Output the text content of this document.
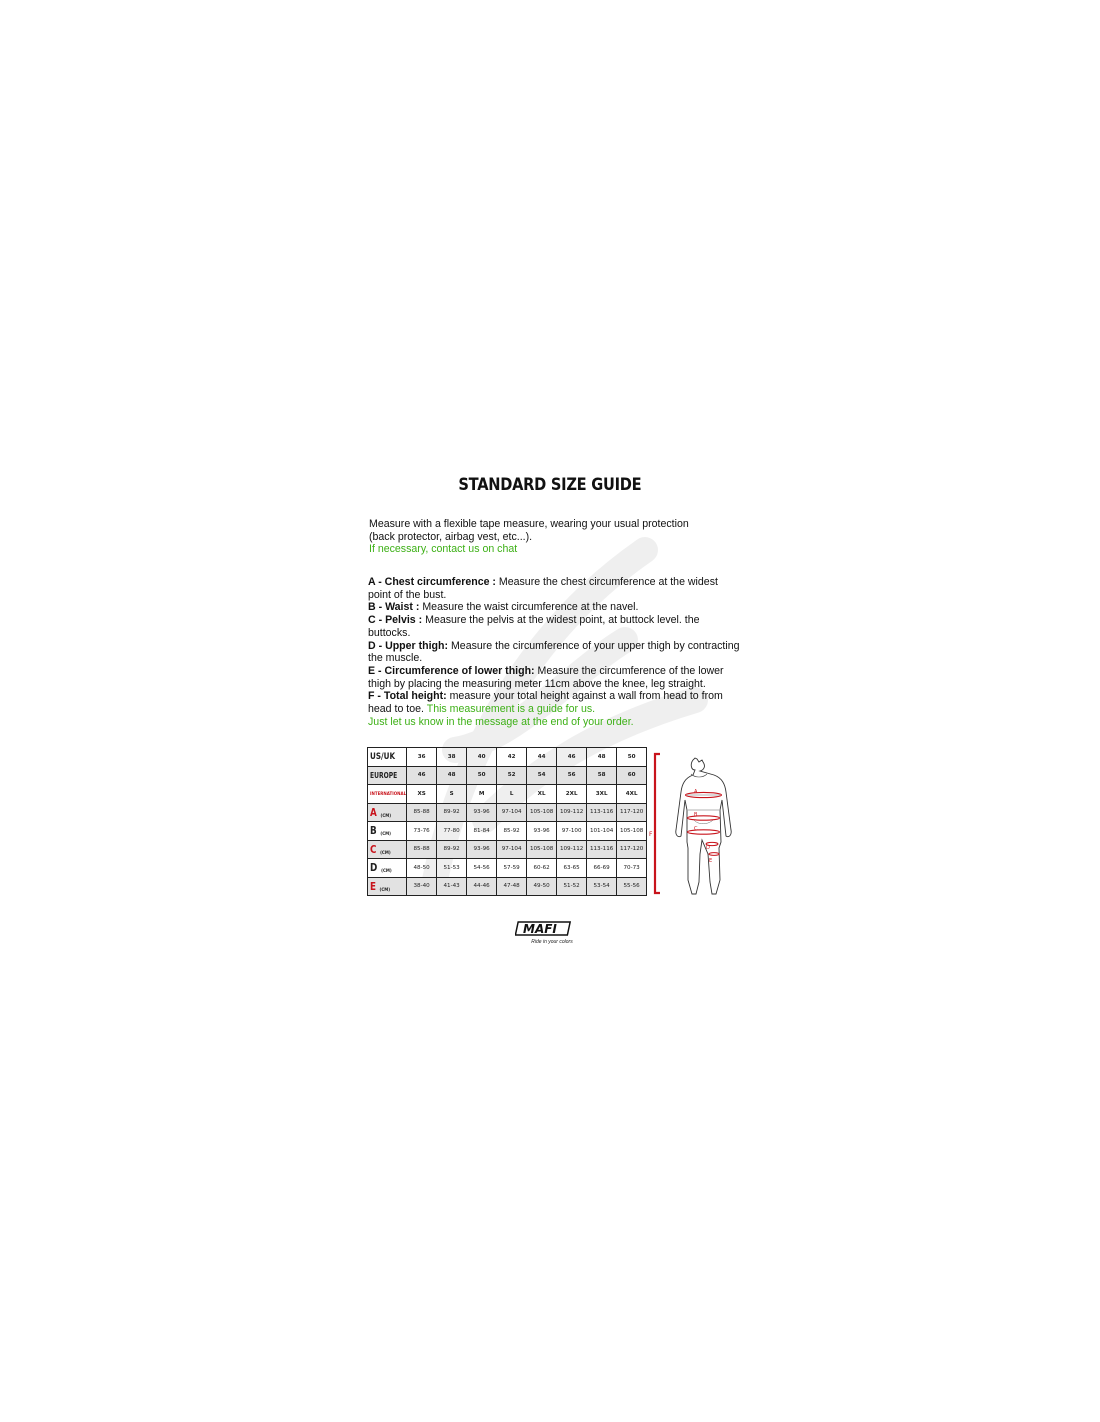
STANDARD SIZE GUIDE
Measure with a flexible tape measure, wearing your usual protection
(back protector, airbag vest, etc...).
If necessary, contact us on chat

A - Chest circumference : Measure the chest circumference at the widest point of the bust.

B - Waist : Measure the waist circumference at the navel.

C - Pelvis : Measure the pelvis at the widest point, at buttock level. the buttocks.

D - Upper thigh: Measure the circumference of your upper thigh by contracting the muscle.

E - Circumference of lower thigh: Measure the circumference of the lower thigh by placing the measuring meter 11cm above the knee, leg straight.

F - Total height: measure your total height against a wall from head to from head to toe. This measurement is a guide for us.

Just let us know in the message at the end of your order.

US/UK	36	38	40	42	44	46	48	50
EUROPE	46	48	50	52	54	56	58	60
INTERNATIONAL	XS	S	M	L	XL	2XL	3XL	4XL
A (CM)	85-88	89-92	93-96	97-104	105-108	109-112	113-116	117-120
B (CM)	73-76	77-80	81-84	85-92	93-96	97-100	101-104	105-108
C (CM)	85-88	89-92	93-96	97-104	105-108	109-112	113-116	117-120
D (CM)	48-50	51-53	54-56	57-59	60-62	63-65	66-69	70-73
E (CM)	38-40	41-43	44-46	47-48	49-50	51-52	53-54	55-56
F
A
B
C
D
E
MAFI
Ride in your colors
